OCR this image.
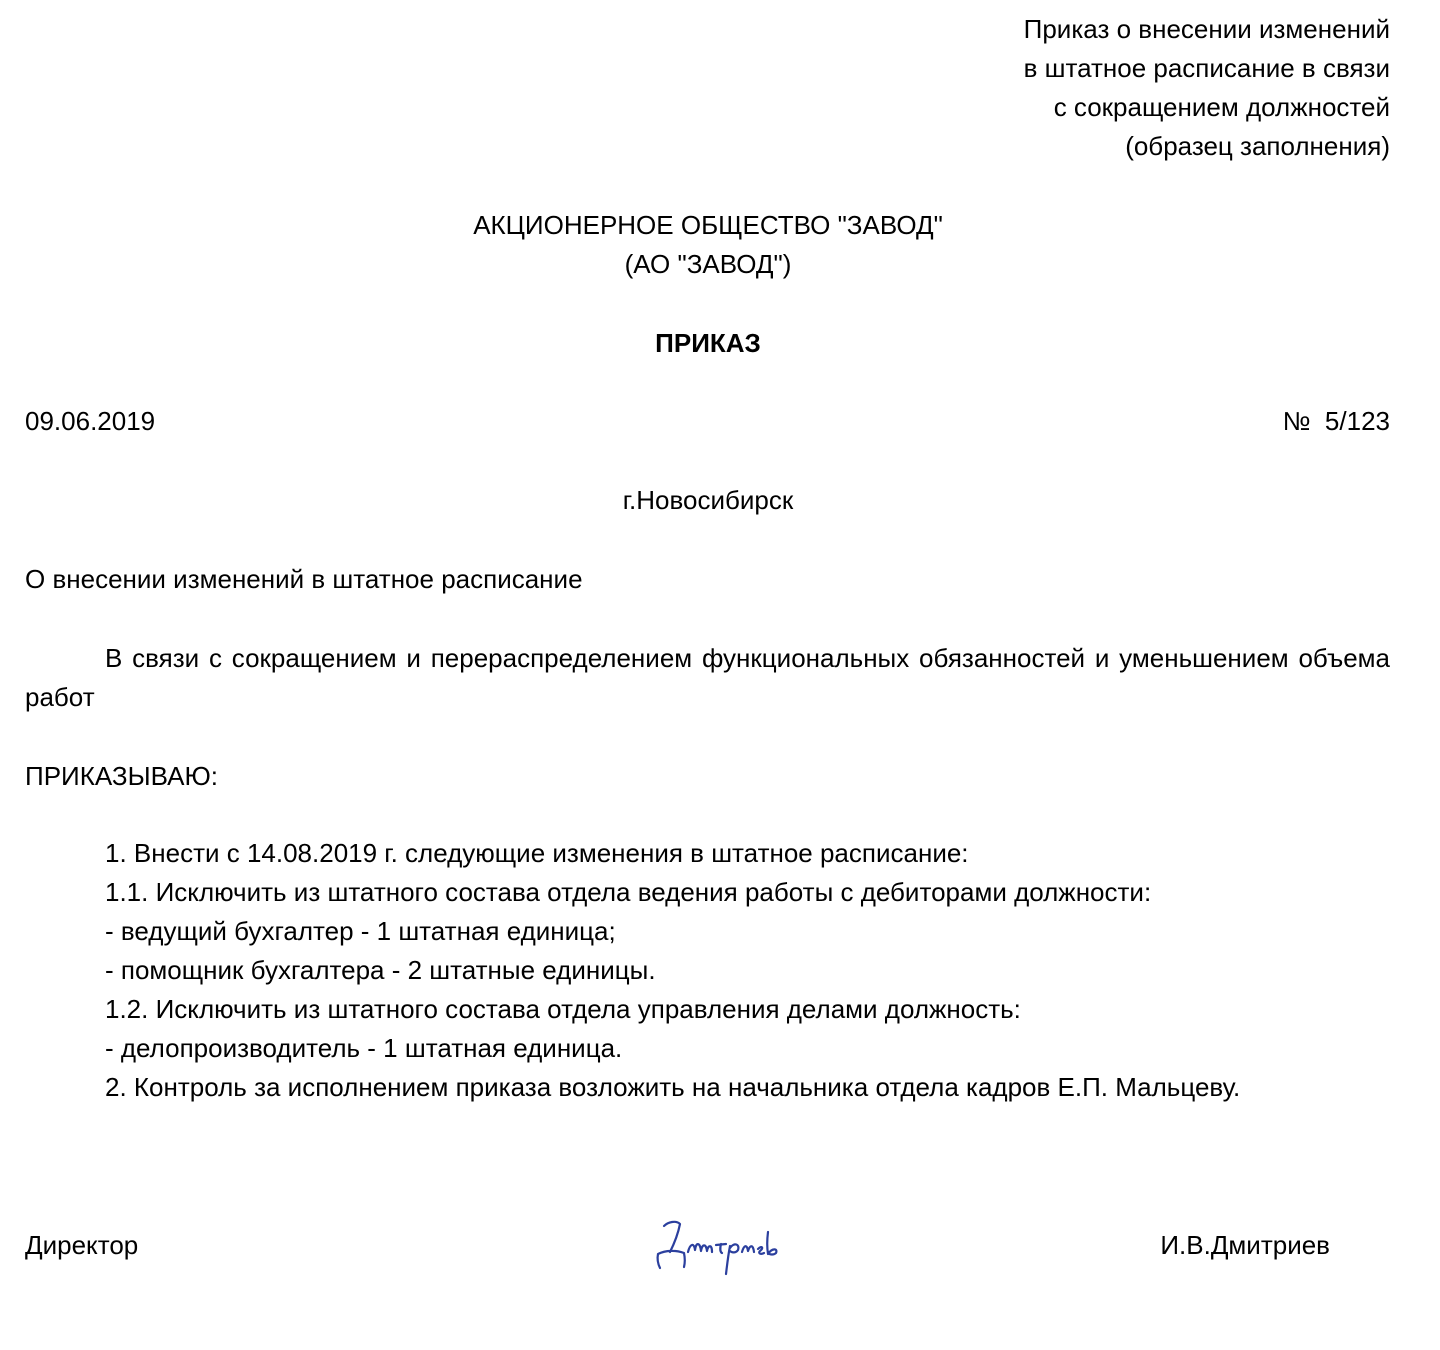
Приказ о внесении изменений
в штатное расписание в связи
с сокращением должностей
(образец заполнения)
АКЦИОНЕРНОЕ ОБЩЕСТВО "ЗАВОД"
(АО "ЗАВОД")
ПРИКАЗ
09.06.2019	№  5/123
г.Новосибирск
О внесении изменений в штатное расписание
В связи с сокращением и перераспределением функциональных обязанностей и уменьшением объема работ
ПРИКАЗЫВАЮ:
1. Внести с 14.08.2019 г. следующие изменения в штатное расписание:
1.1. Исключить из штатного состава отдела ведения работы с дебиторами должности:
- ведущий бухгалтер - 1 штатная единица;
- помощник бухгалтера - 2 штатные единицы.
1.2. Исключить из штатного состава отдела управления делами должность:
- делопроизводитель - 1 штатная единица.
2. Контроль за исполнением приказа возложить на начальника отдела кадров Е.П. Мальцеву.
Директор	И.В.Дмитриев
